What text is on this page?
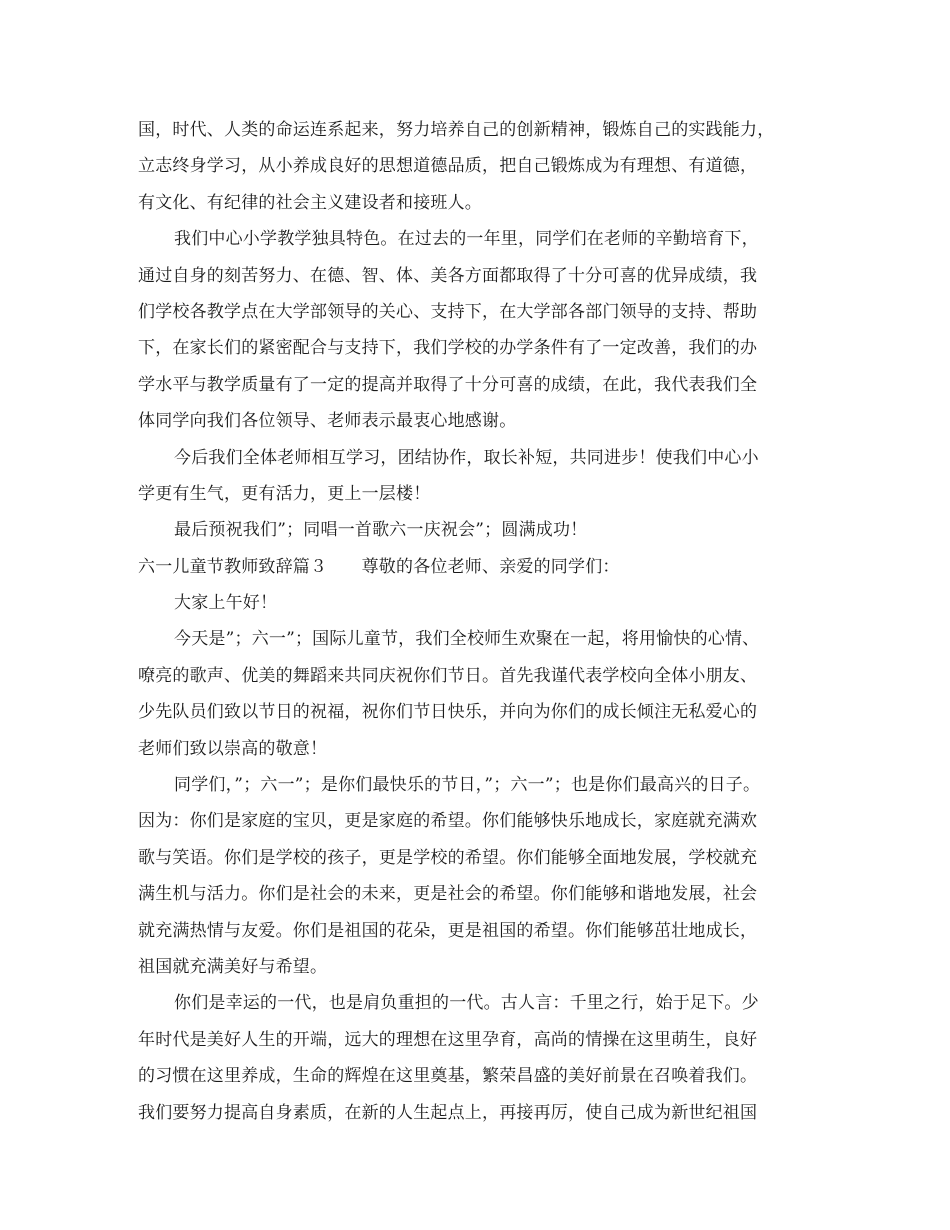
国，时代、人类的命运连系起来，努力培养自己的创新精神，锻炼自己的实践能力，
立志终身学习，从小养成良好的思想道德品质，把自己锻炼成为有理想、有道德，
有文化、有纪律的社会主义建设者和接班人。
我们中心小学教学独具特色。在过去的一年里，同学们在老师的辛勤培育下，
通过自身的刻苦努力、在德、智、体、美各方面都取得了十分可喜的优异成绩，我
们学校各教学点在大学部领导的关心、支持下，在大学部各部门领导的支持、帮助
下，在家长们的紧密配合与支持下，我们学校的办学条件有了一定改善，我们的办
学水平与教学质量有了一定的提高并取得了十分可喜的成绩，在此，我代表我们全
体同学向我们各位领导、老师表示最衷心地感谢。
今后我们全体老师相互学习，团结协作，取长补短，共同进步！使我们中心小
学更有生气，更有活力，更上一层楼！
最后预祝我们”；同唱一首歌六一庆祝会”；圆满成功！
六一儿童节教师致辞篇３　　尊敬的各位老师、亲爱的同学们：
大家上午好！
今天是”；六一”；国际儿童节，我们全校师生欢聚在一起，将用愉快的心情、
嘹亮的歌声、优美的舞蹈来共同庆祝你们节日。首先我谨代表学校向全体小朋友、
少先队员们致以节日的祝福，祝你们节日快乐，并向为你们的成长倾注无私爱心的
老师们致以崇高的敬意！
同学们，”；六一”；是你们最快乐的节日，”；六一”；也是你们最高兴的日子。
因为：你们是家庭的宝贝，更是家庭的希望。你们能够快乐地成长，家庭就充满欢
歌与笑语。你们是学校的孩子，更是学校的希望。你们能够全面地发展，学校就充
满生机与活力。你们是社会的未来，更是社会的希望。你们能够和谐地发展，社会
就充满热情与友爱。你们是祖国的花朵，更是祖国的希望。你们能够茁壮地成长，
祖国就充满美好与希望。
你们是幸运的一代，也是肩负重担的一代。古人言：千里之行，始于足下。少
年时代是美好人生的开端，远大的理想在这里孕育，高尚的情操在这里萌生，良好
的习惯在这里养成，生命的辉煌在这里奠基，繁荣昌盛的美好前景在召唤着我们。
我们要努力提高自身素质，在新的人生起点上，再接再厉，使自己成为新世纪祖国
